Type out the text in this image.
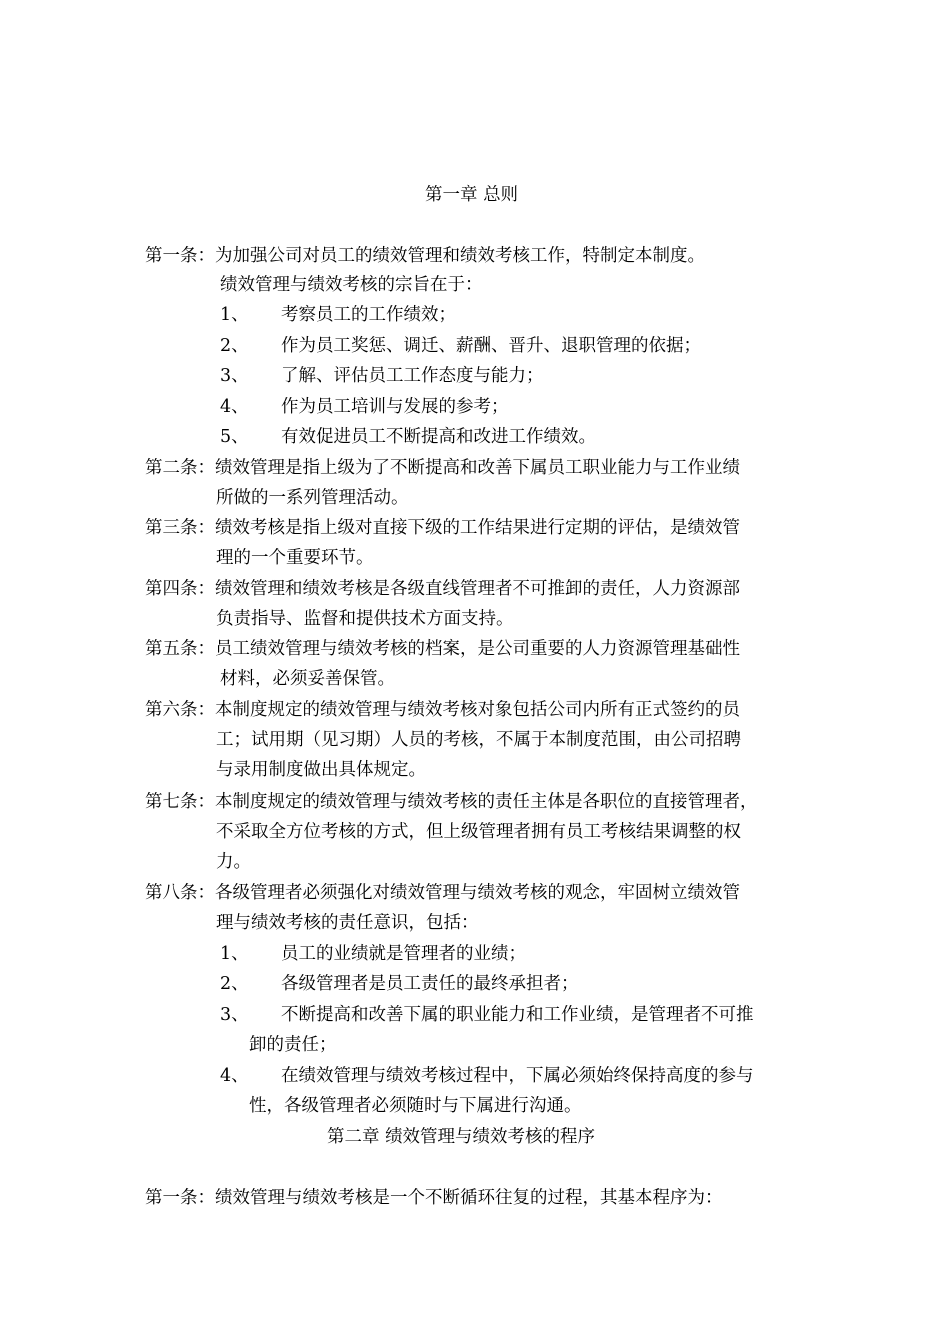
第一章 总则
第一条：为加强公司对员工的绩效管理和绩效考核工作，特制定本制度。
绩效管理与绩效考核的宗旨在于：
1、 考察员工的工作绩效；
2、 作为员工奖惩、调迁、薪酬、晋升、退职管理的依据；
3、 了解、评估员工工作态度与能力；
4、 作为员工培训与发展的参考；
5、 有效促进员工不断提高和改进工作绩效。
第二条：绩效管理是指上级为了不断提高和改善下属员工职业能力与工作业绩
所做的一系列管理活动。
第三条：绩效考核是指上级对直接下级的工作结果进行定期的评估，是绩效管
理的一个重要环节。
第四条：绩效管理和绩效考核是各级直线管理者不可推卸的责任，人力资源部
负责指导、监督和提供技术方面支持。
第五条：员工绩效管理与绩效考核的档案，是公司重要的人力资源管理基础性
材料，必须妥善保管。
第六条：本制度规定的绩效管理与绩效考核对象包括公司内所有正式签约的员
工；试用期（见习期）人员的考核，不属于本制度范围，由公司招聘
与录用制度做出具体规定。
第七条：本制度规定的绩效管理与绩效考核的责任主体是各职位的直接管理者，
不采取全方位考核的方式，但上级管理者拥有员工考核结果调整的权
力。
第八条：各级管理者必须强化对绩效管理与绩效考核的观念，牢固树立绩效管
理与绩效考核的责任意识，包括：
1、 员工的业绩就是管理者的业绩；
2、 各级管理者是员工责任的最终承担者；
3、 不断提高和改善下属的职业能力和工作业绩，是管理者不可推
卸的责任；
4、 在绩效管理与绩效考核过程中，下属必须始终保持高度的参与
性，各级管理者必须随时与下属进行沟通。
第二章 绩效管理与绩效考核的程序
第一条：绩效管理与绩效考核是一个不断循环往复的过程，其基本程序为：
